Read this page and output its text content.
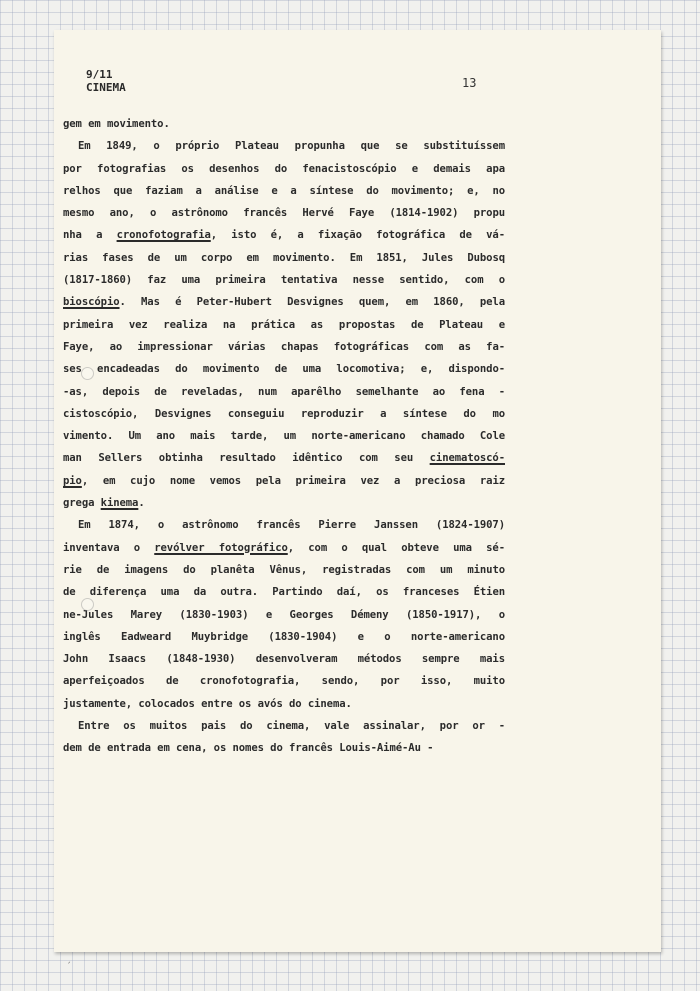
9/11
CINEMA	13
gem em movimento.
Em 1849, o próprio Plateau propunha que se substituíssem
por fotografias os desenhos do fenacistoscópio e demais apa
relhos que faziam a análise e a síntese do movimento; e, no
mesmo ano, o astrônomo francês Hervé Faye (1814-1902) propu
nha a cronofotografia, isto é, a fixação fotográfica de vá-
rias fases de um corpo em movimento. Em 1851, Jules Dubosq
(1817-1860) faz uma primeira tentativa nesse sentido, com o
bioscópio. Mas é Peter-Hubert Desvignes quem, em 1860, pela
primeira vez realiza na prática as propostas de Plateau e
Faye, ao impressionar várias chapas fotográficas com as fa-
ses encadeadas do movimento de uma locomotiva; e, dispondo-
-as, depois de reveladas, num aparêlho semelhante ao fena -
cistoscópio, Desvignes conseguiu reproduzir a síntese do mo
vimento. Um ano mais tarde, um norte-americano chamado Cole
man Sellers obtinha resultado idêntico com seu cinematoscó-
pio, em cujo nome vemos pela primeira vez a preciosa raiz
grega kinema.
Em 1874, o astrônomo francês Pierre Janssen (1824-1907)
inventava o revólver fotográfico, com o qual obteve uma sé-
rie de imagens do planêta Vênus, registradas com um minuto
de diferença uma da outra. Partindo daí, os franceses Étien
ne-Jules Marey (1830-1903) e Georges Démeny (1850-1917), o
inglês Eadweard Muybridge (1830-1904) e o norte-americano
John Isaacs (1848-1930) desenvolveram métodos sempre mais
aperfeiçoados de cronofotografia, sendo, por isso, muito
justamente, colocados entre os avós do cinema.
Entre os muitos pais do cinema, vale assinalar, por or -
dem de entrada em cena, os nomes do francês Louis-Aimé-Au -
´
